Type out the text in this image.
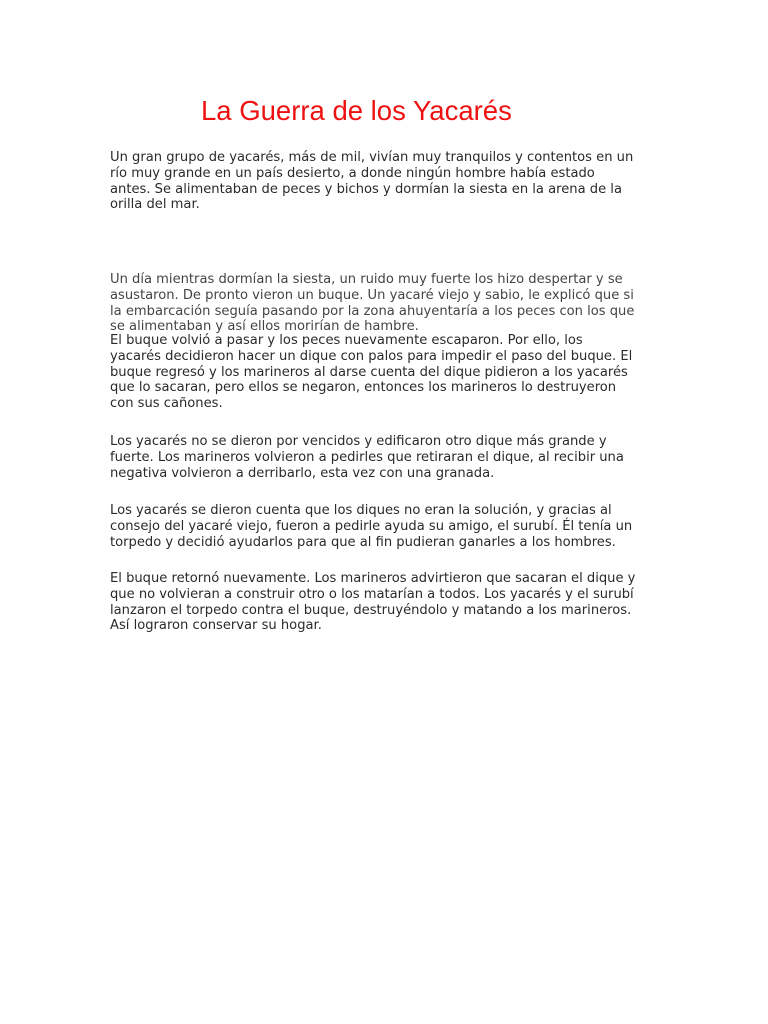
La Guerra de los Yacarés

Un gran grupo de yacarés, más de mil, vivían muy tranquilos y contentos en un
río muy grande en un país desierto, a donde ningún hombre había estado
antes. Se alimentaban de peces y bichos y dormían la siesta en la arena de la
orilla del mar.

Un día mientras dormían la siesta, un ruido muy fuerte los hizo despertar y se
asustaron. De pronto vieron un buque. Un yacaré viejo y sabio, le explicó que si
la embarcación seguía pasando por la zona ahuyentaría a los peces con los que
se alimentaban y así ellos morirían de hambre.

El buque volvió a pasar y los peces nuevamente escaparon. Por ello, los
yacarés decidieron hacer un dique con palos para impedir el paso del buque. El
buque regresó y los marineros al darse cuenta del dique pidieron a los yacarés
que lo sacaran, pero ellos se negaron, entonces los marineros lo destruyeron
con sus cañones.

Los yacarés no se dieron por vencidos y edificaron otro dique más grande y
fuerte. Los marineros volvieron a pedirles que retiraran el dique, al recibir una
negativa volvieron a derribarlo, esta vez con una granada.

Los yacarés se dieron cuenta que los diques no eran la solución, y gracias al
consejo del yacaré viejo, fueron a pedirle ayuda su amigo, el surubí. Él tenía un
torpedo y decidió ayudarlos para que al fin pudieran ganarles a los hombres.

El buque retornó nuevamente. Los marineros advirtieron que sacaran el dique y
que no volvieran a construir otro o los matarían a todos. Los yacarés y el surubí
lanzaron el torpedo contra el buque, destruyéndolo y matando a los marineros.
Así lograron conservar su hogar.
